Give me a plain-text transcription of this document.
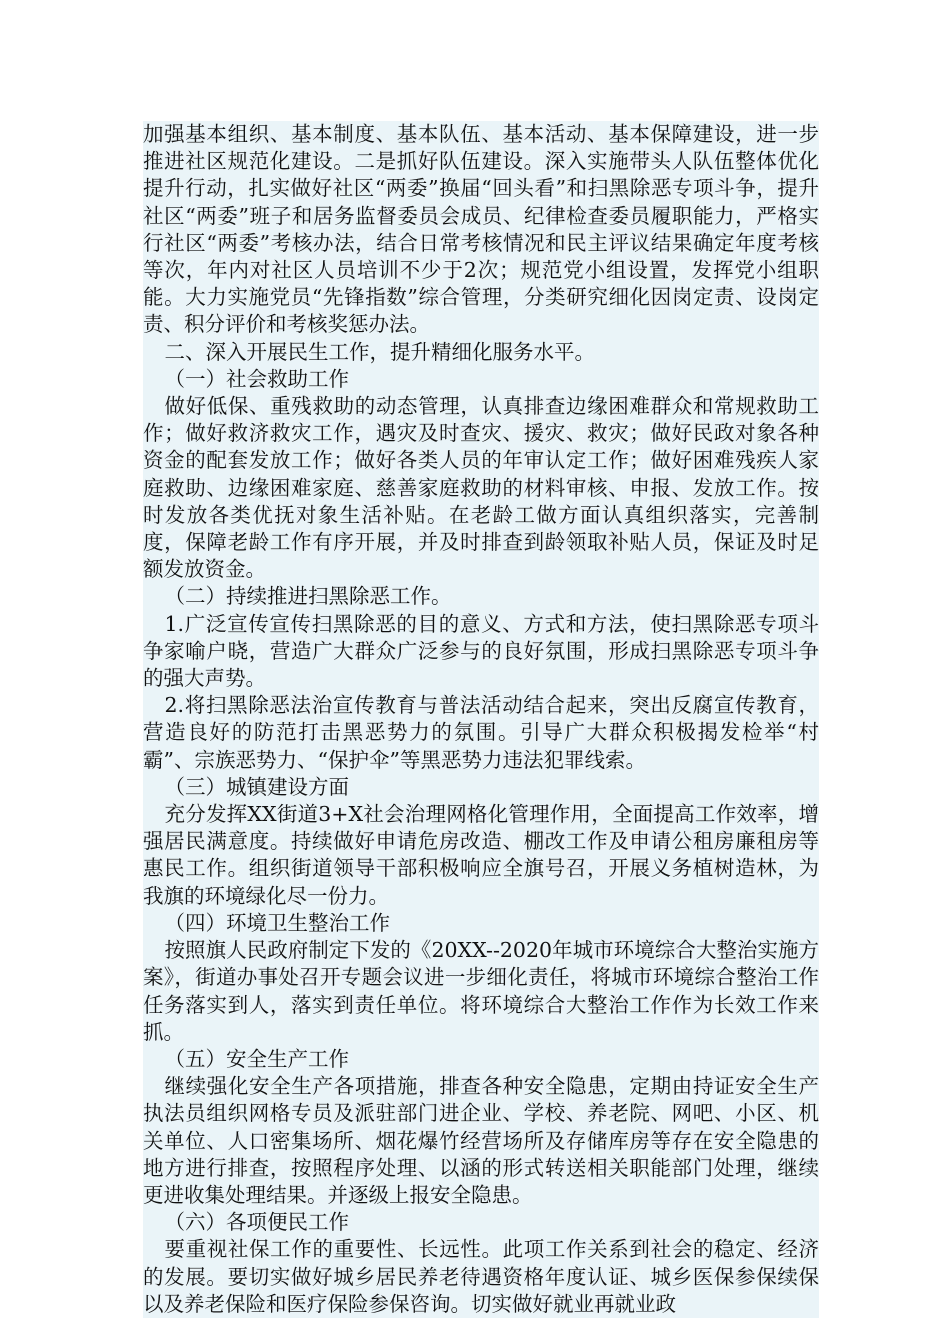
加强基本组织、基本制度、基本队伍、基本活动、基本保障建设，进一步推进社区规范化建设。二是抓好队伍建设。深入实施带头人队伍整体优化提升行动，扎实做好社区“两委”换届“回头看”和扫黑除恶专项斗争，提升社区“两委”班子和居务监督委员会成员、纪律检查委员履职能力，严格实行社区“两委”考核办法，结合日常考核情况和民主评议结果确定年度考核等次，年内对社区人员培训不少于2次；规范党小组设置，发挥党小组职能。大力实施党员“先锋指数”综合管理，分类研究细化因岗定责、设岗定责、积分评价和考核奖惩办法。

二、深入开展民生工作，提升精细化服务水平。

（一）社会救助工作

做好低保、重残救助的动态管理，认真排查边缘困难群众和常规救助工作；做好救济救灾工作，遇灾及时查灾、援灾、救灾；做好民政对象各种资金的配套发放工作；做好各类人员的年审认定工作；做好困难残疾人家庭救助、边缘困难家庭、慈善家庭救助的材料审核、申报、发放工作。按时发放各类优抚对象生活补贴。在老龄工做方面认真组织落实，完善制度，保障老龄工作有序开展，并及时排查到龄领取补贴人员，保证及时足额发放资金。

（二）持续推进扫黑除恶工作。

1.广泛宣传宣传扫黑除恶的目的意义、方式和方法，使扫黑除恶专项斗争家喻户晓，营造广大群众广泛参与的良好氛围，形成扫黑除恶专项斗争的强大声势。

2.将扫黑除恶法治宣传教育与普法活动结合起来，突出反腐宣传教育，营造良好的防范打击黑恶势力的氛围。引导广大群众积极揭发检举“村霸”、宗族恶势力、“保护伞”等黑恶势力违法犯罪线索。

（三）城镇建设方面

充分发挥XX街道3+X社会治理网格化管理作用，全面提高工作效率，增强居民满意度。持续做好申请危房改造、棚改工作及申请公租房廉租房等惠民工作。组织街道领导干部积极响应全旗号召，开展义务植树造林，为我旗的环境绿化尽一份力。

（四）环境卫生整治工作

按照旗人民政府制定下发的《20XX--2020年城市环境综合大整治实施方案》，街道办事处召开专题会议进一步细化责任，将城市环境综合整治工作任务落实到人，落实到责任单位。将环境综合大整治工作作为长效工作来抓。

（五）安全生产工作

继续强化安全生产各项措施，排查各种安全隐患，定期由持证安全生产执法员组织网格专员及派驻部门进企业、学校、养老院、网吧、小区、机关单位、人口密集场所、烟花爆竹经营场所及存储库房等存在安全隐患的地方进行排查，按照程序处理、以涵的形式转送相关职能部门处理，继续更进收集处理结果。并逐级上报安全隐患。

（六）各项便民工作

要重视社保工作的重要性、长远性。此项工作关系到社会的稳定、经济的发展。要切实做好城乡居民养老待遇资格年度认证、城乡医保参保续保以及养老保险和医疗保险参保咨询。切实做好就业再就业政
